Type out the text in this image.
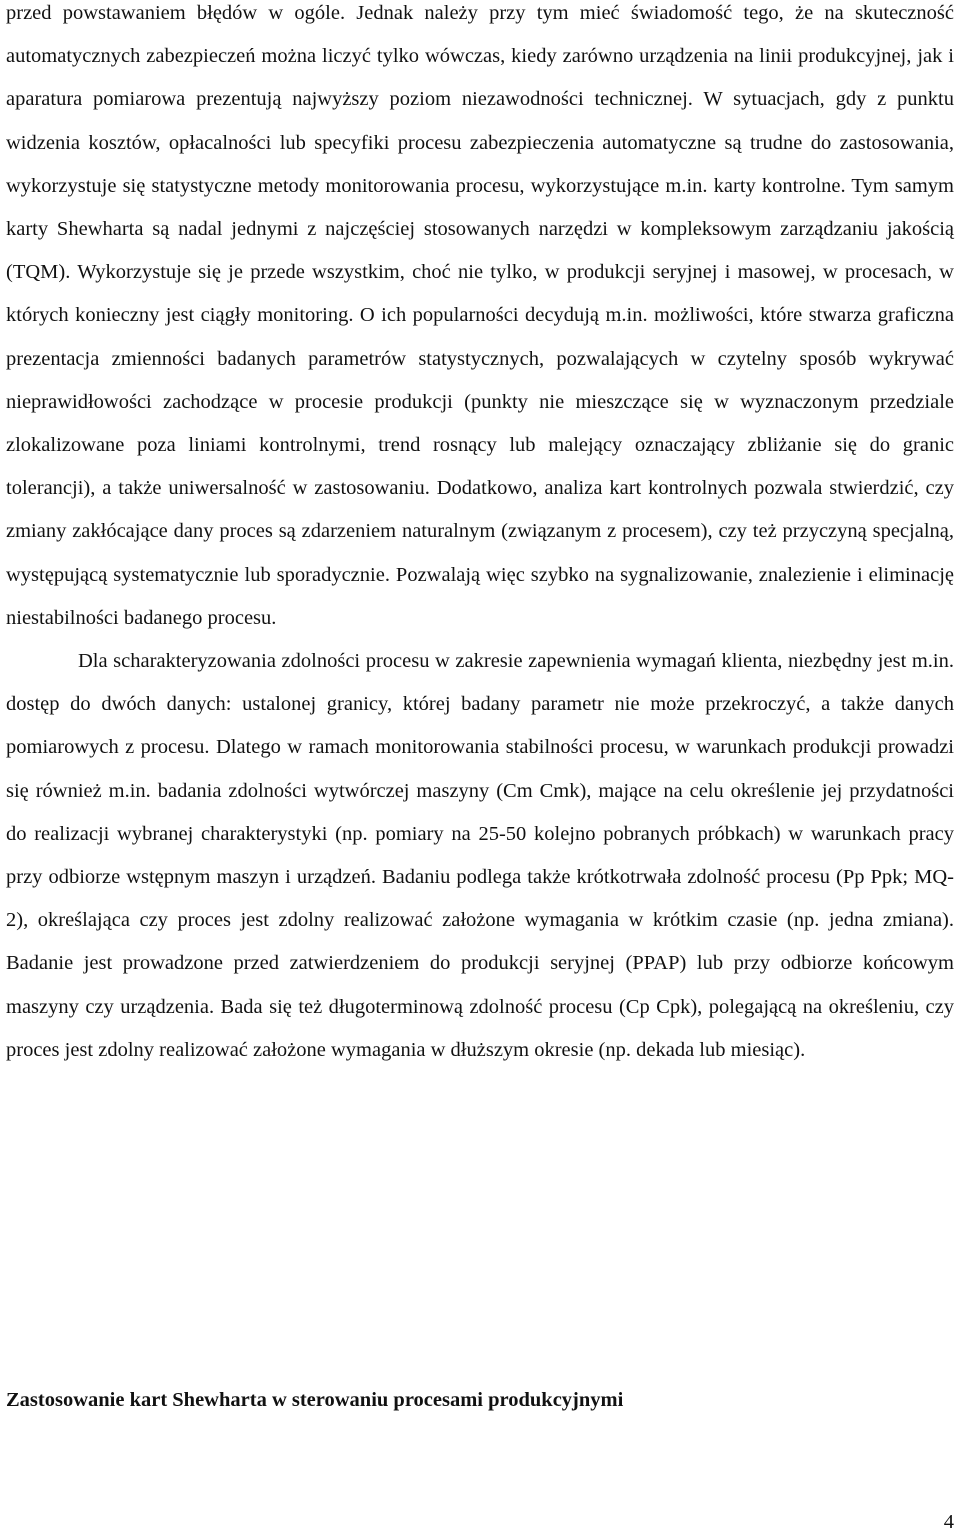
przed powstawaniem błędów w ogóle. Jednak należy przy tym mieć świadomość tego, że na skuteczność automatycznych zabezpieczeń można liczyć tylko wówczas, kiedy zarówno urządzenia na linii produkcyjnej, jak i aparatura pomiarowa prezentują najwyższy poziom niezawodności technicznej. W sytuacjach, gdy z punktu widzenia kosztów, opłacalności lub specyfiki procesu zabezpieczenia automatyczne są trudne do zastosowania, wykorzystuje się statystyczne metody monitorowania procesu, wykorzystujące m.in. karty kontrolne. Tym samym karty Shewharta są nadal jednymi z najczęściej stosowanych narzędzi w kompleksowym zarządzaniu jakością (TQM). Wykorzystuje się je przede wszystkim, choć nie tylko, w produkcji seryjnej i masowej, w procesach, w których konieczny jest ciągły monitoring. O ich popularności decydują m.in. możliwości, które stwarza graficzna prezentacja zmienności badanych parametrów statystycznych, pozwalających w czytelny sposób wykrywać nieprawidłowości zachodzące w procesie produkcji (punkty nie mieszczące się w wyznaczonym przedziale zlokalizowane poza liniami kontrolnymi, trend rosnący lub malejący oznaczający zbliżanie się do granic tolerancji), a także uniwersalność w zastosowaniu. Dodatkowo, analiza kart kontrolnych pozwala stwierdzić, czy zmiany zakłócające dany proces są zdarzeniem naturalnym (związanym z procesem), czy też przyczyną specjalną, występującą systematycznie lub sporadycznie. Pozwalają więc szybko na sygnalizowanie, znalezienie i eliminację niestabilności badanego procesu.

Dla scharakteryzowania zdolności procesu w zakresie zapewnienia wymagań klienta, niezbędny jest m.in. dostęp do dwóch danych: ustalonej granicy, której badany parametr nie może przekroczyć, a także danych pomiarowych z procesu. Dlatego w ramach monitorowania stabilności procesu, w warunkach produkcji prowadzi się również m.in. badania zdolności wytwórczej maszyny (Cm Cmk), mające na celu określenie jej przydatności do realizacji wybranej charakterystyki (np. pomiary na 25-50 kolejno pobranych próbkach) w warunkach pracy przy odbiorze wstępnym maszyn i urządzeń. Badaniu podlega także krótkotrwała zdolność procesu (Pp Ppk; MQ-2), określająca czy proces jest zdolny realizować założone wymagania w krótkim czasie (np. jedna zmiana). Badanie jest prowadzone przed zatwierdzeniem do produkcji seryjnej (PPAP) lub przy odbiorze końcowym maszyny czy urządzenia. Bada się też długoterminową zdolność procesu (Cp Cpk), polegającą na określeniu, czy proces jest zdolny realizować założone wymagania w dłuższym okresie (np. dekada lub miesiąc).

Zastosowanie kart Shewharta w sterowaniu procesami produkcyjnymi
4
